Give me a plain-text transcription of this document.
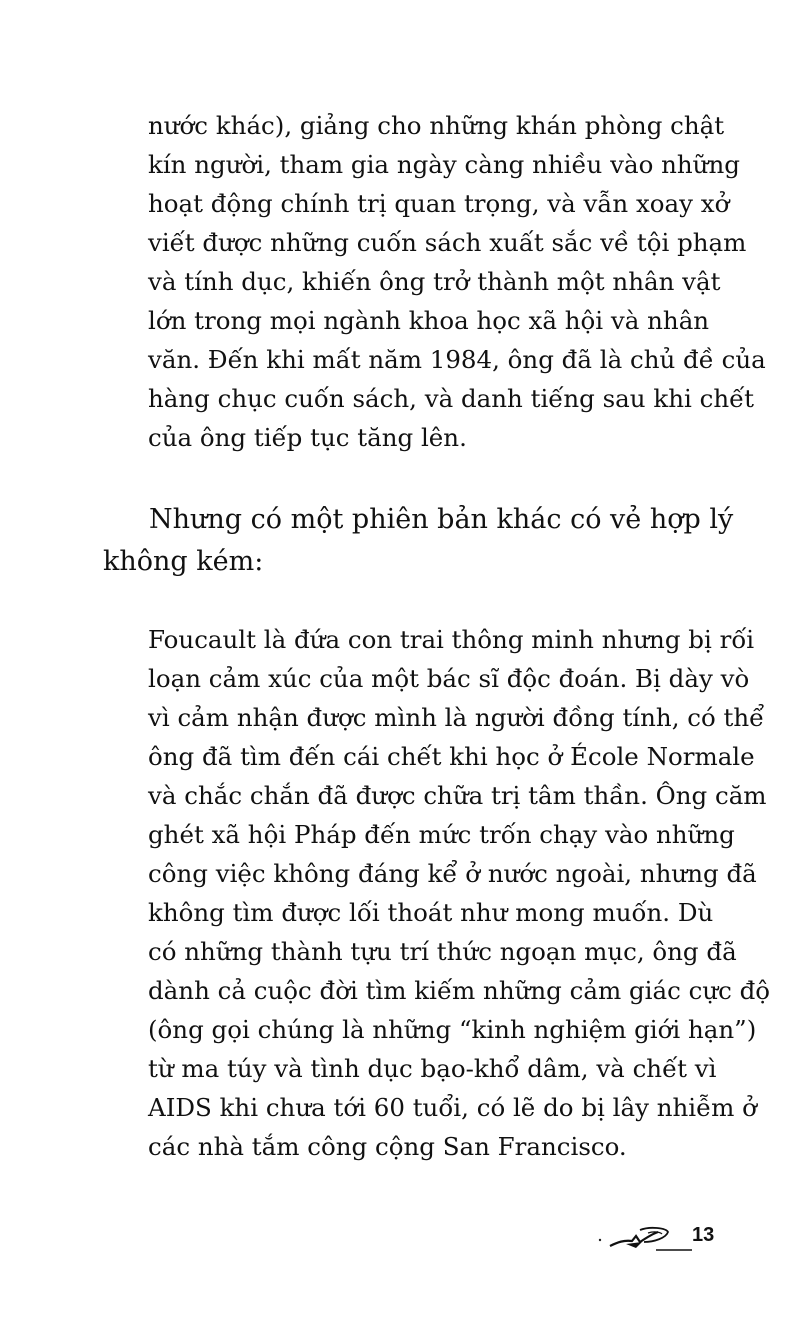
nước khác), giảng cho những khán phòng chật
kín người, tham gia ngày càng nhiều vào những
hoạt động chính trị quan trọng, và vẫn xoay xở
viết được những cuốn sách xuất sắc về tội phạm
và tính dục, khiến ông trở thành một nhân vật
lớn trong mọi ngành khoa học xã hội và nhân
văn. Đến khi mất năm 1984, ông đã là chủ đề của
hàng chục cuốn sách, và danh tiếng sau khi chết
của ông tiếp tục tăng lên.
Nhưng có một phiên bản khác có vẻ hợp lý
không kém:
Foucault là đứa con trai thông minh nhưng bị rối
loạn cảm xúc của một bác sĩ độc đoán. Bị dày vò
vì cảm nhận được mình là người đồng tính, có thể
ông đã tìm đến cái chết khi học ở École Normale
và chắc chắn đã được chữa trị tâm thần. Ông căm
ghét xã hội Pháp đến mức trốn chạy vào những
công việc không đáng kể ở nước ngoài, nhưng đã
không tìm được lối thoát như mong muốn. Dù
có những thành tựu trí thức ngoạn mục, ông đã
dành cả cuộc đời tìm kiếm những cảm giác cực độ
(ông gọi chúng là những “kinh nghiệm giới hạn”)
từ ma túy và tình dục bạo-khổ dâm, và chết vì
AIDS khi chưa tới 60 tuổi, có lẽ do bị lây nhiễm ở
các nhà tắm công cộng San Francisco.
13
